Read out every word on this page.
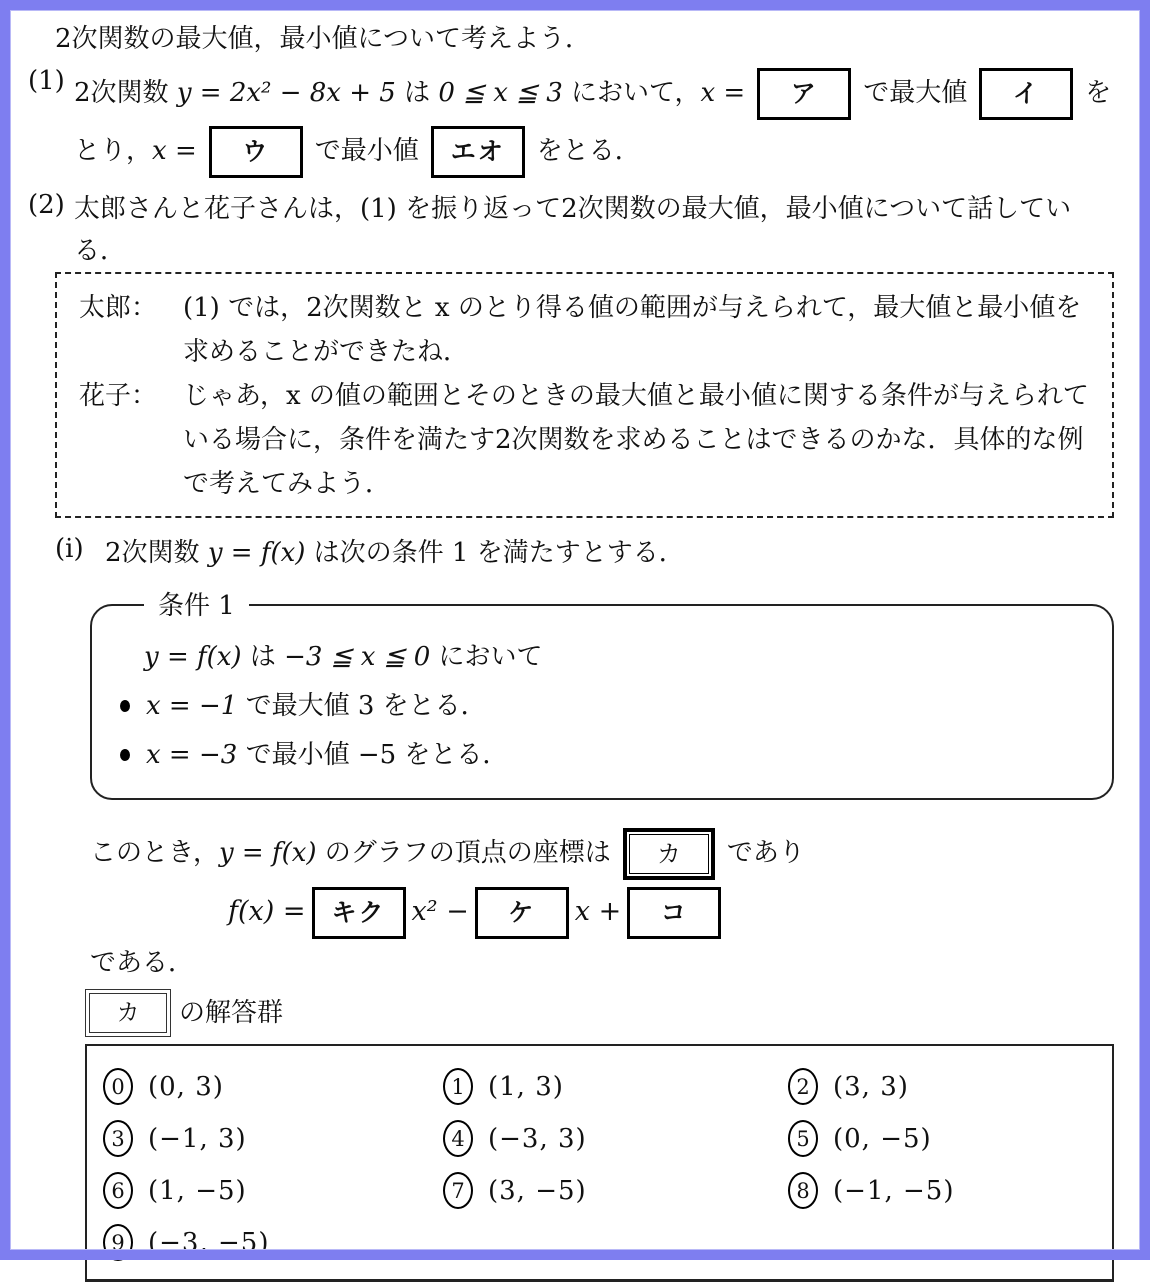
2次関数の最大値，最小値について考えよう．
(1) 2次関数 y = 2x² − 8x + 5 は 0 ≦ x ≦ 3 において，x = ア で最大値 イ をとり，x = ウ で最小値 エオ をとる．
(2) 太郎さんと花子さんは，(1) を振り返って2次関数の最大値，最小値について話している．
太郎： (1) では，2次関数と x のとり得る値の範囲が与えられて，最大値と最小値を求めることができたね．
花子： じゃあ，x の値の範囲とそのときの最大値と最小値に関する条件が与えられている場合に，条件を満たす2次関数を求めることはできるのかな．具体的な例で考えてみよう．
(i) 2次関数 y = f(x) は次の条件 1 を満たすとする．
条件 1
y = f(x) は −3 ≦ x ≦ 0 において
x = −1 で最大値 3 をとる．
x = −3 で最小値 −5 をとる．
このとき，y = f(x) のグラフの頂点の座標は	カ	であり
f(x) = キク x² − ケ x + コ
である．
カ	の解答群
0 (0, 3)	1 (1, 3)	2 (3, 3)
3 (−1, 3)	4 (−3, 3)	5 (0, −5)
6 (1, −5)	7 (3, −5)	8 (−1, −5)
9 (−3, −5)
